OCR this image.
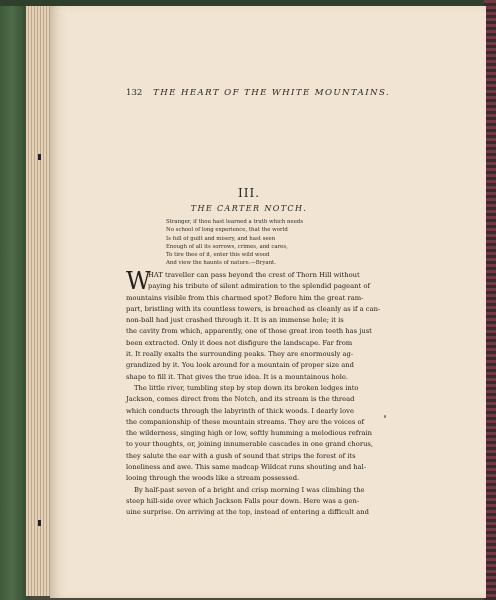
132 THE HEART OF THE WHITE MOUNTAINS.
III.
THE CARTER NOTCH.
Stranger, if thou hast learned a truth which needs
No school of long experience, that the world
Is full of guilt and misery, and hast seen
Enough of all its sorrows, crimes, and cares,
To tire thee of it, enter this wild wood
And view the haunts of nature.—Bryant.
W
HAT traveller can pass beyond the crest of Thorn Hill without
paying his tribute of silent admiration to the splendid pageant of
mountains visible from this charmed spot? Before him the great ram-
part, bristling with its countless towers, is breached as cleanly as if a can-
non-ball had just crashed through it. It is an immense hole; it is
the cavity from which, apparently, one of those great iron teeth has just
been extracted. Only it does not disfigure the landscape. Far from
it. It really exalts the surrounding peaks. They are enormously ag-
grandized by it. You look around for a mountain of proper size and
shape to fill it. That gives the true idea. It is a mountainous hole.
The little river, tumbling step by step down its broken ledges into
Jackson, comes direct from the Notch, and its stream is the thread
which conducts through the labyrinth of thick woods. I dearly love
the companionship of these mountain streams. They are the voices of
the wilderness, singing high or low, softly humming a melodious refrain
to your thoughts, or, joining innumerable cascades in one grand chorus,
they salute the ear with a gush of sound that strips the forest of its
loneliness and awe. This same madcap Wildcat runs shouting and hal-
looing through the woods like a stream possessed.
By half-past seven of a bright and crisp morning I was climbing the
steep hill-side over which Jackson Falls pour down. Here was a gen-
uine surprise. On arriving at the top, instead of entering a difficult and
